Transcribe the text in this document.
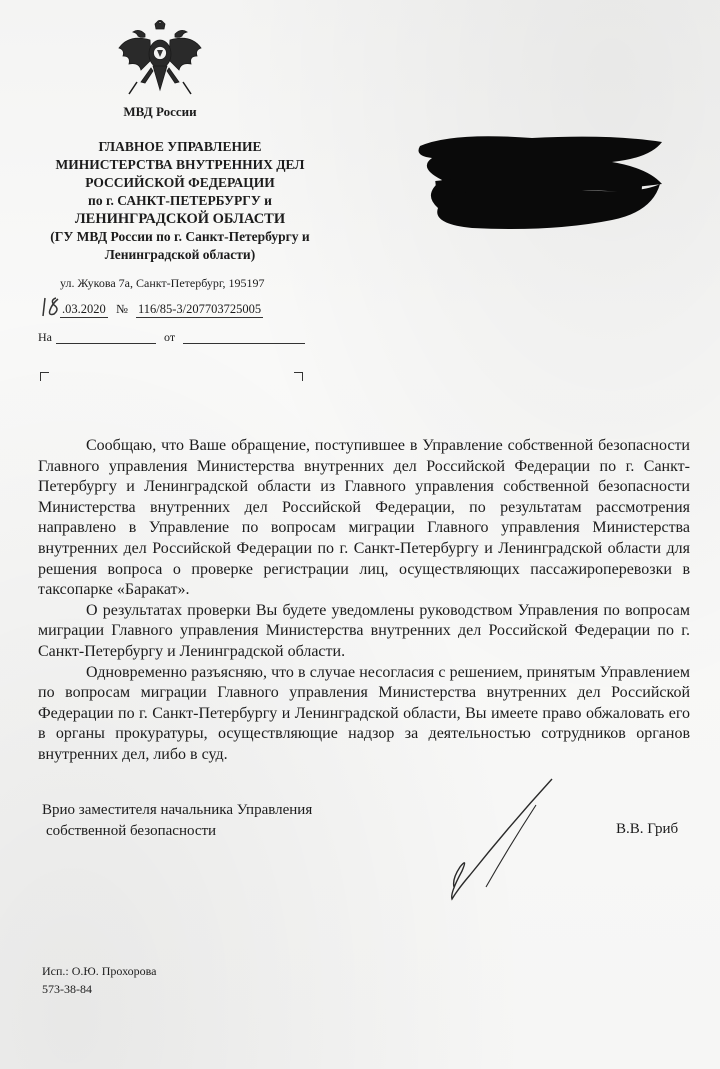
МВД России
ГЛАВНОЕ УПРАВЛЕНИЕ
МИНИСТЕРСТВА ВНУТРЕННИХ ДЕЛ
РОССИЙСКОЙ ФЕДЕРАЦИИ
по г. САНКТ-ПЕТЕРБУРГУ и
ЛЕНИНГРАДСКОЙ ОБЛАСТИ
(ГУ МВД России по г. Санкт-Петербургу и
Ленинградской области)
ул. Жукова 7а, Санкт-Петербург, 195197
.03.2020 № 116/85-3/207703725005
На	от

Сообщаю, что Ваше обращение, поступившее в Управление собственной безопасности Главного управления Министерства внутренних дел Российской Федерации по г. Санкт-Петербургу и Ленинградской области из Главного управления собственной безопасности Министерства внутренних дел Российской Федерации, по результатам рассмотрения направлено в Управление по вопросам миграции Главного управления Министерства внутренних дел Российской Федерации по г. Санкт-Петербургу и Ленинградской области для решения вопроса о проверке регистрации лиц, осуществляющих пассажироперевозки в таксопарке «Баракат».

О результатах проверки Вы будете уведомлены руководством Управления по вопросам миграции Главного управления Министерства внутренних дел Российской Федерации по г. Санкт-Петербургу и Ленинградской области.

Одновременно разъясняю, что в случае несогласия с решением, принятым Управлением по вопросам миграции Главного управления Министерства внутренних дел Российской Федерации по г. Санкт-Петербургу и Ленинградской области, Вы имеете право обжаловать его в органы прокуратуры, осуществляющие надзор за деятельностью сотрудников органов внутренних дел, либо в суд.

Врио заместителя начальника Управления
собственной безопасности	В.В. Гриб
Исп.: О.Ю. Прохорова
573-38-84
